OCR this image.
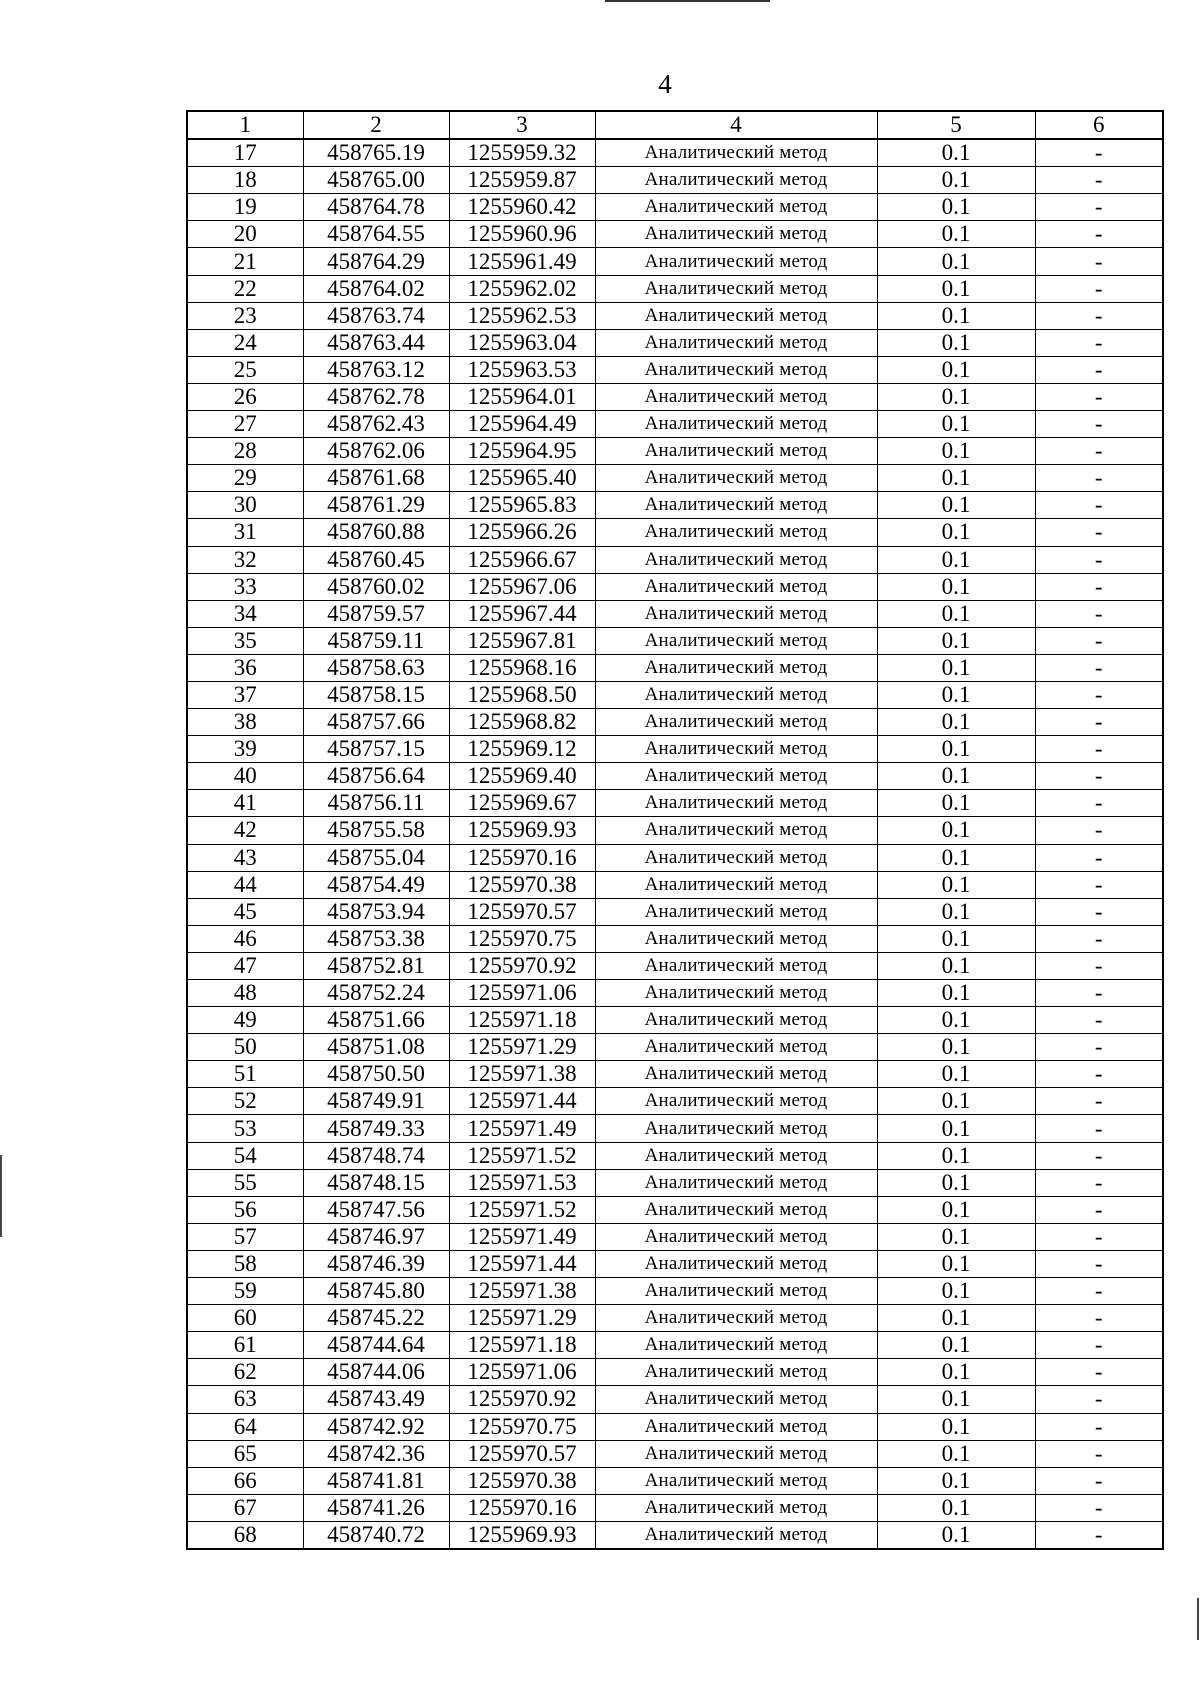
4
1	2	3	4	5	6
17	458765.19	1255959.32	Аналитический метод	0.1	-
18	458765.00	1255959.87	Аналитический метод	0.1	-
19	458764.78	1255960.42	Аналитический метод	0.1	-
20	458764.55	1255960.96	Аналитический метод	0.1	-
21	458764.29	1255961.49	Аналитический метод	0.1	-
22	458764.02	1255962.02	Аналитический метод	0.1	-
23	458763.74	1255962.53	Аналитический метод	0.1	-
24	458763.44	1255963.04	Аналитический метод	0.1	-
25	458763.12	1255963.53	Аналитический метод	0.1	-
26	458762.78	1255964.01	Аналитический метод	0.1	-
27	458762.43	1255964.49	Аналитический метод	0.1	-
28	458762.06	1255964.95	Аналитический метод	0.1	-
29	458761.68	1255965.40	Аналитический метод	0.1	-
30	458761.29	1255965.83	Аналитический метод	0.1	-
31	458760.88	1255966.26	Аналитический метод	0.1	-
32	458760.45	1255966.67	Аналитический метод	0.1	-
33	458760.02	1255967.06	Аналитический метод	0.1	-
34	458759.57	1255967.44	Аналитический метод	0.1	-
35	458759.11	1255967.81	Аналитический метод	0.1	-
36	458758.63	1255968.16	Аналитический метод	0.1	-
37	458758.15	1255968.50	Аналитический метод	0.1	-
38	458757.66	1255968.82	Аналитический метод	0.1	-
39	458757.15	1255969.12	Аналитический метод	0.1	-
40	458756.64	1255969.40	Аналитический метод	0.1	-
41	458756.11	1255969.67	Аналитический метод	0.1	-
42	458755.58	1255969.93	Аналитический метод	0.1	-
43	458755.04	1255970.16	Аналитический метод	0.1	-
44	458754.49	1255970.38	Аналитический метод	0.1	-
45	458753.94	1255970.57	Аналитический метод	0.1	-
46	458753.38	1255970.75	Аналитический метод	0.1	-
47	458752.81	1255970.92	Аналитический метод	0.1	-
48	458752.24	1255971.06	Аналитический метод	0.1	-
49	458751.66	1255971.18	Аналитический метод	0.1	-
50	458751.08	1255971.29	Аналитический метод	0.1	-
51	458750.50	1255971.38	Аналитический метод	0.1	-
52	458749.91	1255971.44	Аналитический метод	0.1	-
53	458749.33	1255971.49	Аналитический метод	0.1	-
54	458748.74	1255971.52	Аналитический метод	0.1	-
55	458748.15	1255971.53	Аналитический метод	0.1	-
56	458747.56	1255971.52	Аналитический метод	0.1	-
57	458746.97	1255971.49	Аналитический метод	0.1	-
58	458746.39	1255971.44	Аналитический метод	0.1	-
59	458745.80	1255971.38	Аналитический метод	0.1	-
60	458745.22	1255971.29	Аналитический метод	0.1	-
61	458744.64	1255971.18	Аналитический метод	0.1	-
62	458744.06	1255971.06	Аналитический метод	0.1	-
63	458743.49	1255970.92	Аналитический метод	0.1	-
64	458742.92	1255970.75	Аналитический метод	0.1	-
65	458742.36	1255970.57	Аналитический метод	0.1	-
66	458741.81	1255970.38	Аналитический метод	0.1	-
67	458741.26	1255970.16	Аналитический метод	0.1	-
68	458740.72	1255969.93	Аналитический метод	0.1	-
